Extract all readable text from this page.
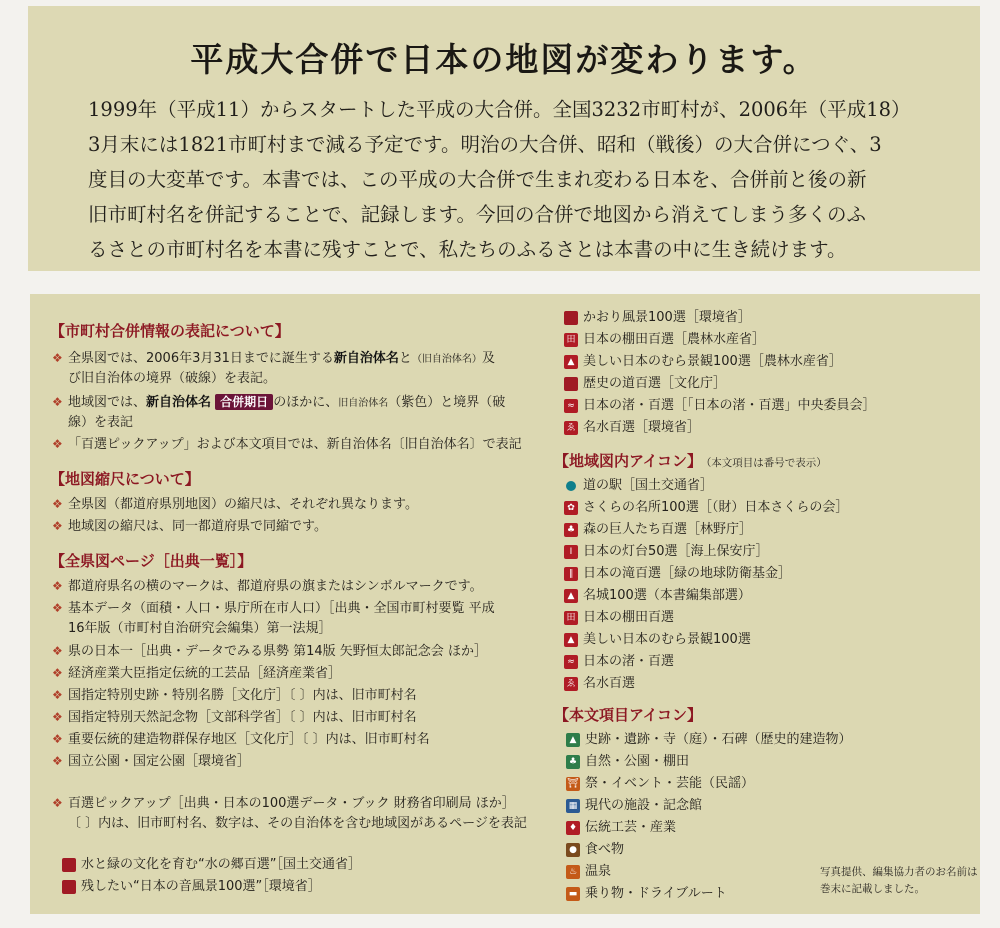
平成大合併で日本の地図が変わります。

1999年（平成11）からスタートした平成の大合併。全国3232市町村が、2006年（平成18）
3月末には1821市町村まで減る予定です。明治の大合併、昭和（戦後）の大合併につぐ、3
度目の大変革です。本書では、この平成の大合併で生まれ変わる日本を、合併前と後の新
旧市町村名を併記することで、記録します。今回の合併で地図から消えてしまう多くのふ
るさとの市町村名を本書に残すことで、私たちのふるさとは本書の中に生き続けます。

【市町村合併情報の表記について】
❖ 全県図では、2006年3月31日までに誕生する新自治体名と（旧自治体名）及
び旧自治体の境界（破線）を表記。
❖ 地域図では、新自治体名 合併期日 のほかに、旧自治体名（紫色）と境界（破
線）を表記
❖ 「百選ピックアップ」および本文項目では、新自治体名〔旧自治体名〕で表記
【地図縮尺について】
❖ 全県図（都道府県別地図）の縮尺は、それぞれ異なります。
❖ 地域図の縮尺は、同一都道府県で同縮です。
【全県図ページ［出典一覧］】
❖ 都道府県名の横のマークは、都道府県の旗またはシンボルマークです。
❖ 基本データ（面積・人口・県庁所在市人口）［出典・全国市町村要覧 平成
16年版（市町村自治研究会編集）第一法規］
❖ 県の日本一［出典・データでみる県勢 第14版 矢野恒太郎記念会 ほか］
❖ 経済産業大臣指定伝統的工芸品［経済産業省］
❖ 国指定特別史跡・特別名勝［文化庁］〔 〕内は、旧市町村名
❖ 国指定特別天然記念物［文部科学省］〔 〕内は、旧市町村名
❖ 重要伝統的建造物群保存地区［文化庁］〔 〕内は、旧市町村名
❖ 国立公園・国定公園［環境省］
❖ 百選ピックアップ［出典・日本の100選データ・ブック 財務省印刷局 ほか］
〔 〕内は、旧市町村名、数字は、その自治体を含む地域図があるページを表記
水と緑の文化を育む“水の郷百選”［国土交通省］
残したい“日本の音風景100選”［環境省］
かおり風景100選［環境省］
田 日本の棚田百選［農林水産省］
▲ 美しい日本のむら景観100選［農林水産省］
歴史の道百選［文化庁］
≈ 日本の渚・百選［「日本の渚・百選」中央委員会］
ゑ 名水百選［環境省］
【地域図内アイコン】 （本文項目は番号で表示）
道の駅［国土交通省］
✿ さくらの名所100選［（財）日本さくらの会］
♣ 森の巨人たち百選［林野庁］
Ⅰ 日本の灯台50選［海上保安庁］
∥ 日本の滝百選［緑の地球防衛基金］
▲ 名城100選（本書編集部選）
田 日本の棚田百選
▲ 美しい日本のむら景観100選
≈ 日本の渚・百選
ゑ 名水百選
【本文項目アイコン】
▲ 史跡・遺跡・寺（庭）・石碑（歴史的建造物）
♣ 自然・公園・棚田
⛩ 祭・イベント・芸能（民謡）
▦ 現代の施設・記念館
♦ 伝統工芸・産業
● 食べ物
♨ 温泉
▬ 乗り物・ドライブルート
写真提供、編集協力者のお名前は
巻末に記載しました。
